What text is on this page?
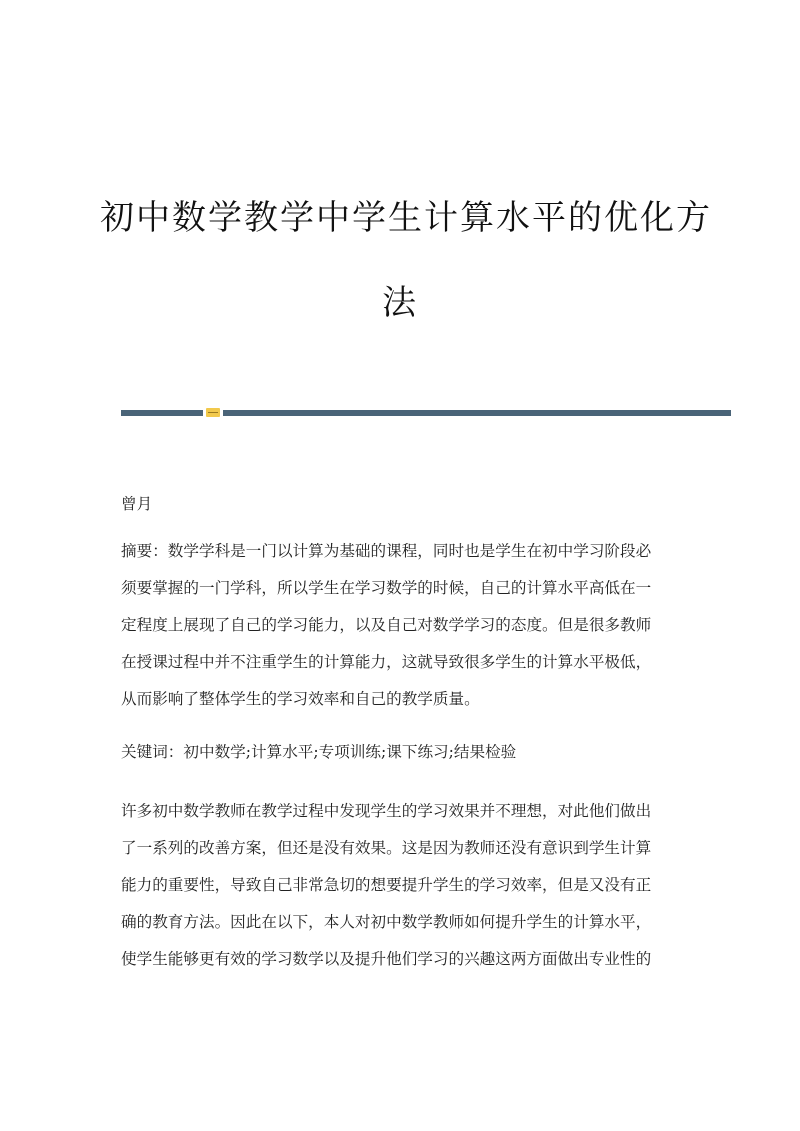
初中数学教学中学生计算水平的优化方
法
曾月
摘要：数学学科是一门以计算为基础的课程，同时也是学生在初中学习阶段必
须要掌握的一门学科，所以学生在学习数学的时候，自己的计算水平高低在一
定程度上展现了自己的学习能力，以及自己对数学学习的态度。但是很多教师
在授课过程中并不注重学生的计算能力，这就导致很多学生的计算水平极低，
从而影响了整体学生的学习效率和自己的教学质量。
关键词：初中数学;计算水平;专项训练;课下练习;结果检验
许多初中数学教师在教学过程中发现学生的学习效果并不理想，对此他们做出
了一系列的改善方案，但还是没有效果。这是因为教师还没有意识到学生计算
能力的重要性，导致自己非常急切的想要提升学生的学习效率，但是又没有正
确的教育方法。因此在以下，本人对初中数学教师如何提升学生的计算水平，
使学生能够更有效的学习数学以及提升他们学习的兴趣这两方面做出专业性的
